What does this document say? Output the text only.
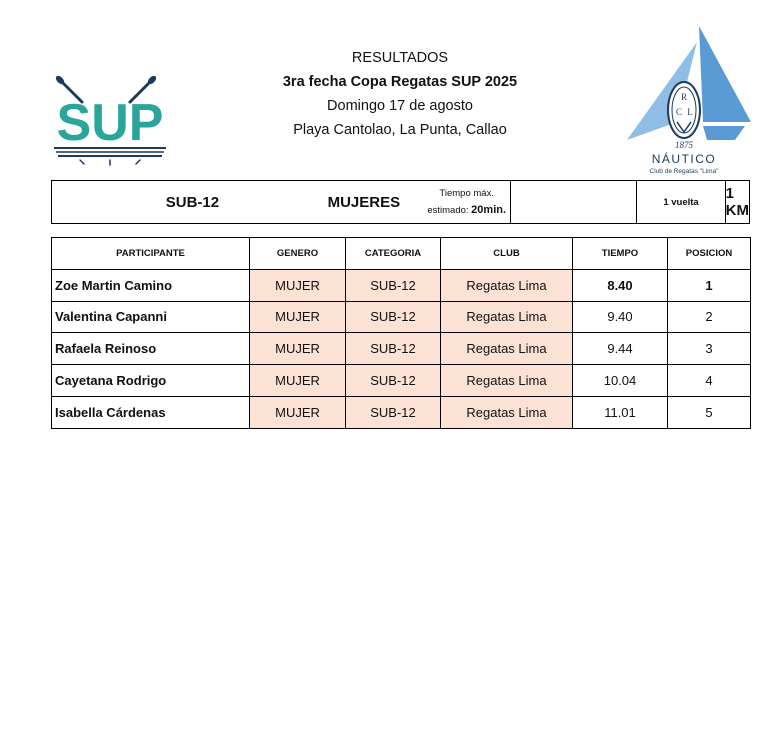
SUP
RESULTADOS
3ra fecha Copa Regatas SUP 2025
Domingo 17 de agosto
Playa Cantolao, La Punta, Callao
R
C L
1875
NÁUTICO
Club de Regatas "Lima"
SUB-12	MUJERES	Tiempo máx.
estimado: 20min.
1 vuelta	1 KM
PARTICIPANTE	GENERO	CATEGORIA	CLUB	TIEMPO	POSICION
Zoe Martin Camino	MUJER	SUB-12	Regatas Lima	8.40	1
Valentina Capanni	MUJER	SUB-12	Regatas Lima	9.40	2
Rafaela Reinoso	MUJER	SUB-12	Regatas Lima	9.44	3
Cayetana Rodrigo	MUJER	SUB-12	Regatas Lima	10.04	4
Isabella Cárdenas	MUJER	SUB-12	Regatas Lima	11.01	5
